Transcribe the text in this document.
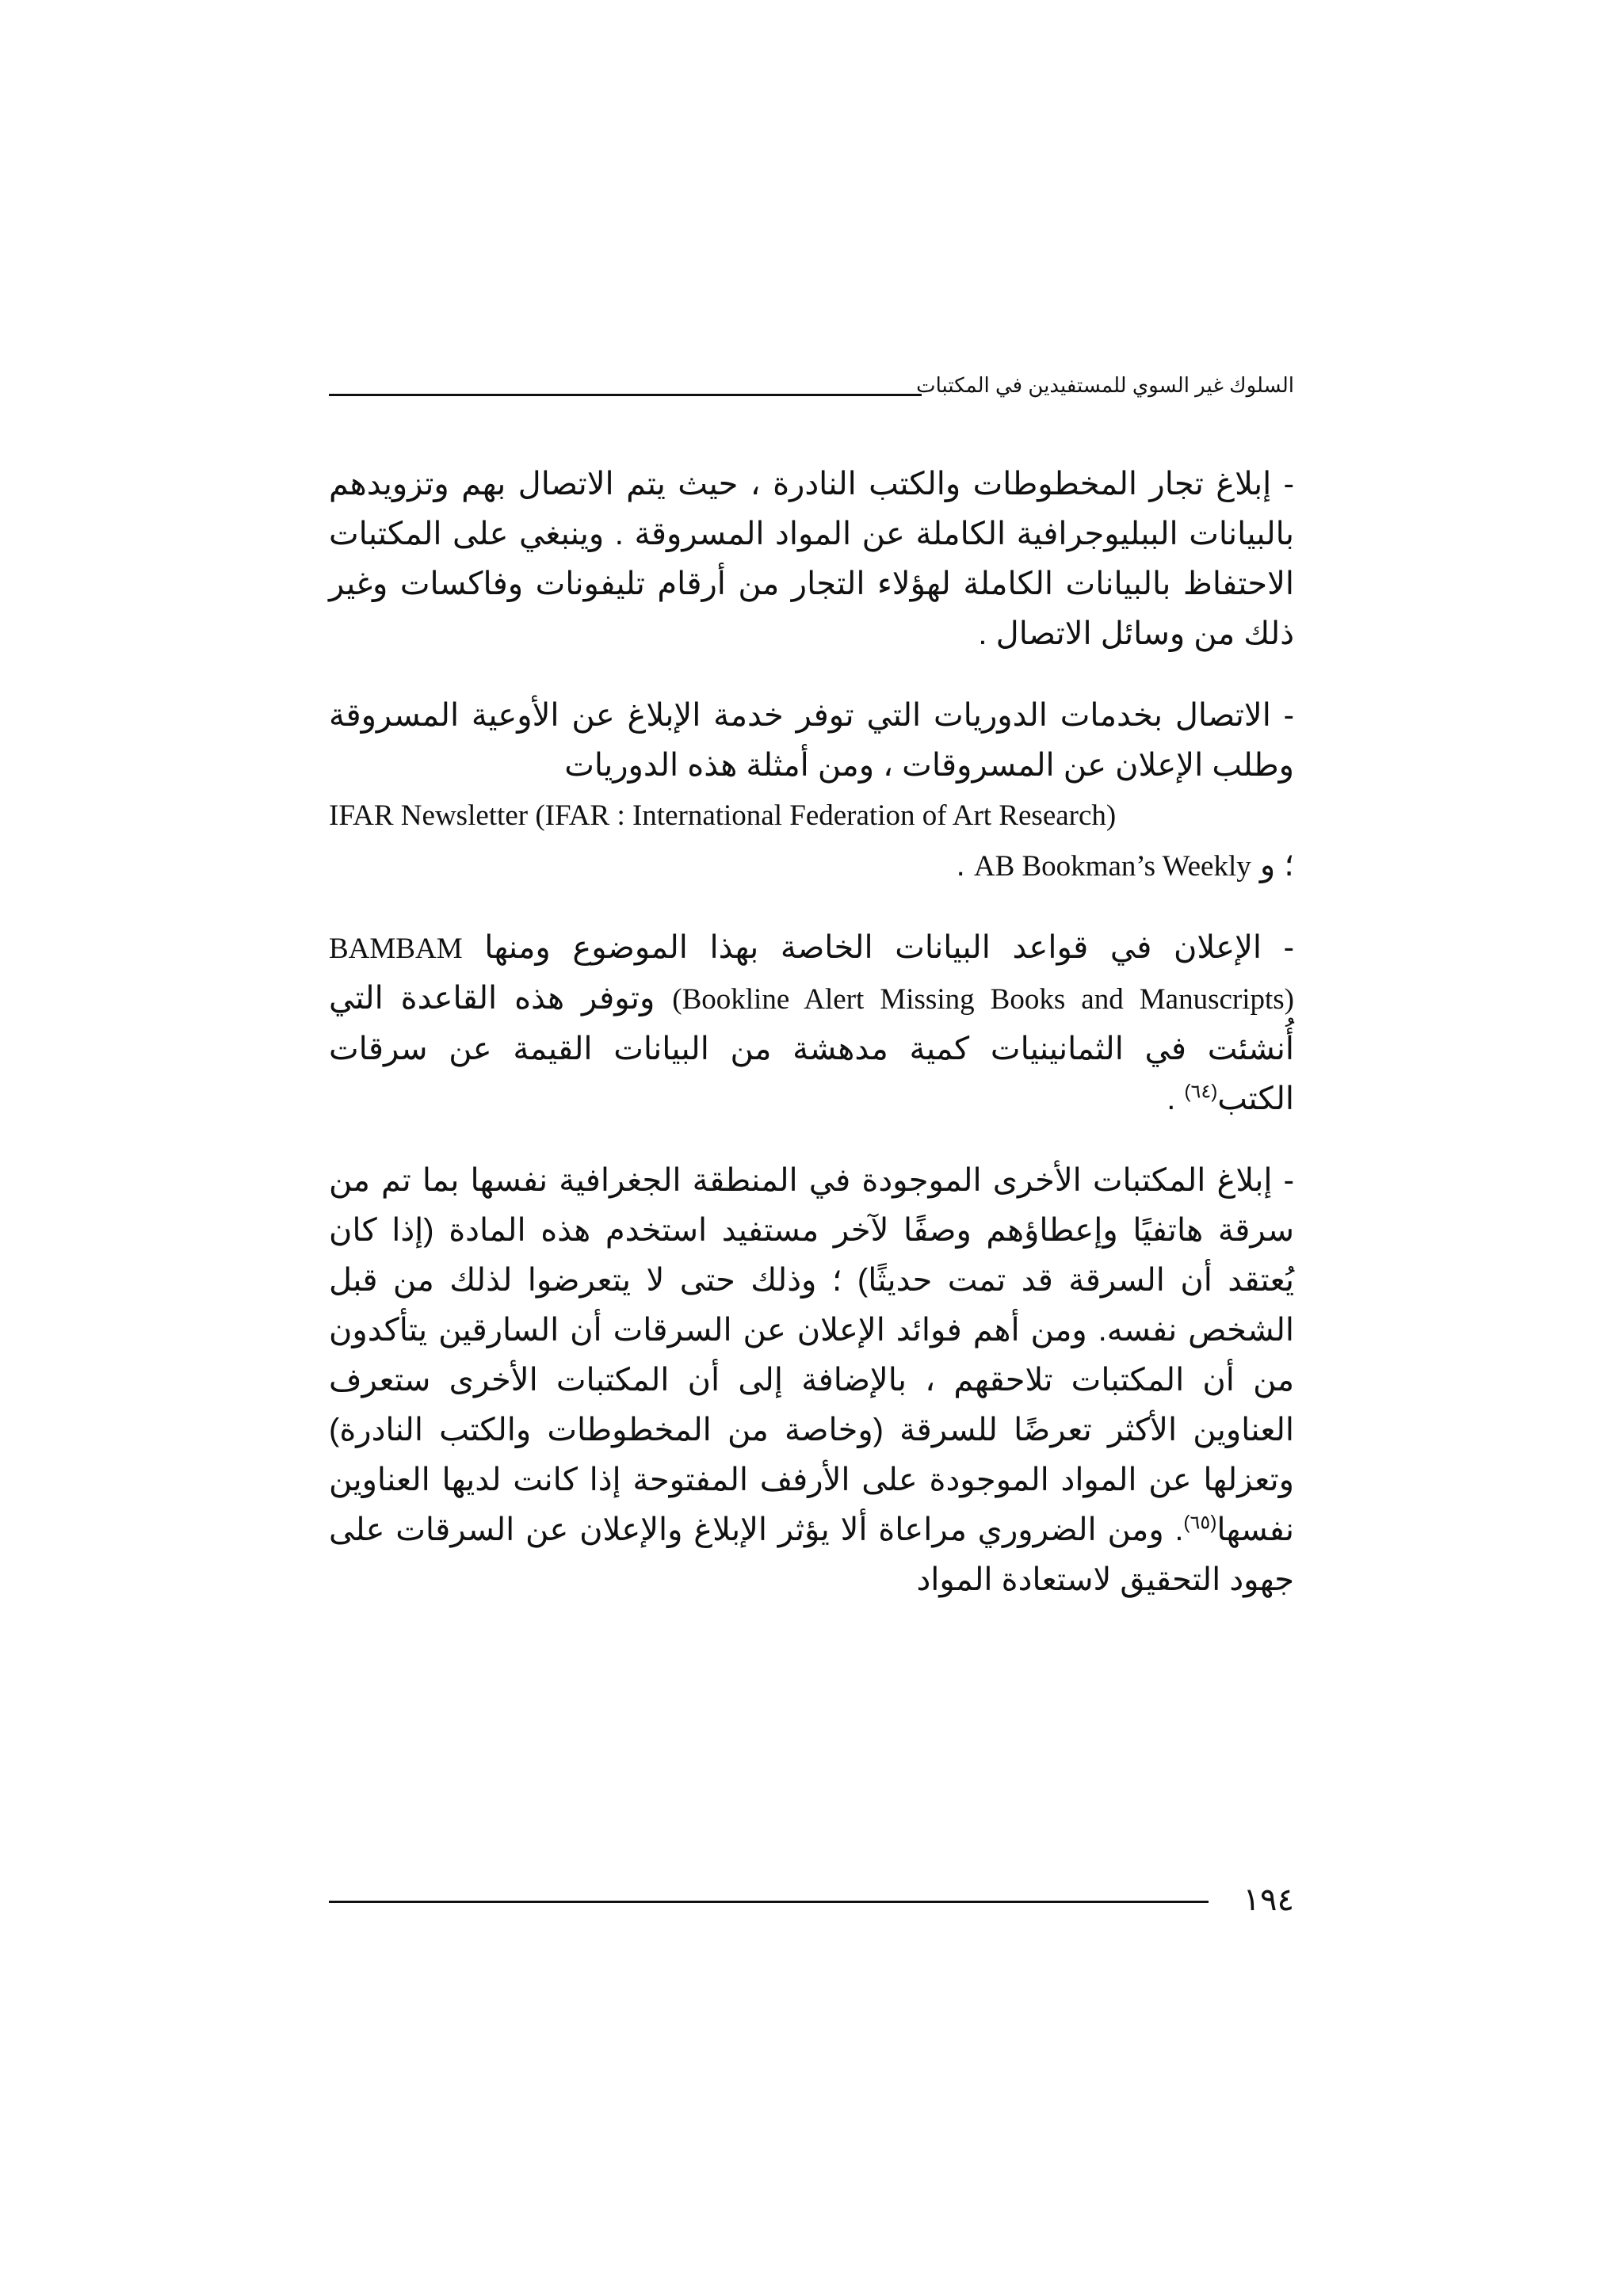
السلوك غير السوي للمستفيدين في المكتبات

- إبلاغ تجار المخطوطات والكتب النادرة ، حيث يتم الاتصال بهم وتزويدهم بالبيانات الببليوجرافية الكاملة عن المواد المسروقة . وينبغي على المكتبات الاحتفاظ بالبيانات الكاملة لهؤلاء التجار من أرقام تليفونات وفاكسات وغير ذلك من وسائل الاتصال .

- الاتصال بخدمات الدوريات التي توفر خدمة الإبلاغ عن الأوعية المسروقة وطلب الإعلان عن المسروقات ، ومن أمثلة هذه الدوريات

IFAR Newsletter (IFAR : International Federation of Art Research)

؛ و AB Bookman’s Weekly .

- الإعلان في قواعد البيانات الخاصة بهذا الموضوع ومنها BAMBAM (Bookline Alert Missing Books and Manuscripts) وتوفر هذه القاعدة التي أُنشئت في الثمانينيات كمية مدهشة من البيانات القيمة عن سرقات الكتب$^{(٦٤)}$ .

- إبلاغ المكتبات الأخرى الموجودة في المنطقة الجغرافية نفسها بما تم من سرقة هاتفيًا وإعطاؤهم وصفًا لآخر مستفيد استخدم هذه المادة (إذا كان يُعتقد أن السرقة قد تمت حديثًا) ؛ وذلك حتى لا يتعرضوا لذلك من قبل الشخص نفسه. ومن أهم فوائد الإعلان عن السرقات أن السارقين يتأكدون من أن المكتبات تلاحقهم ، بالإضافة إلى أن المكتبات الأخرى ستعرف العناوين الأكثر تعرضًا للسرقة (وخاصة من المخطوطات والكتب النادرة) وتعزلها عن المواد الموجودة على الأرفف المفتوحة إذا كانت لديها العناوين نفسها$^{(٦٥)}$. ومن الضروري مراعاة ألا يؤثر الإبلاغ والإعلان عن السرقات على جهود التحقيق لاستعادة المواد

١٩٤
